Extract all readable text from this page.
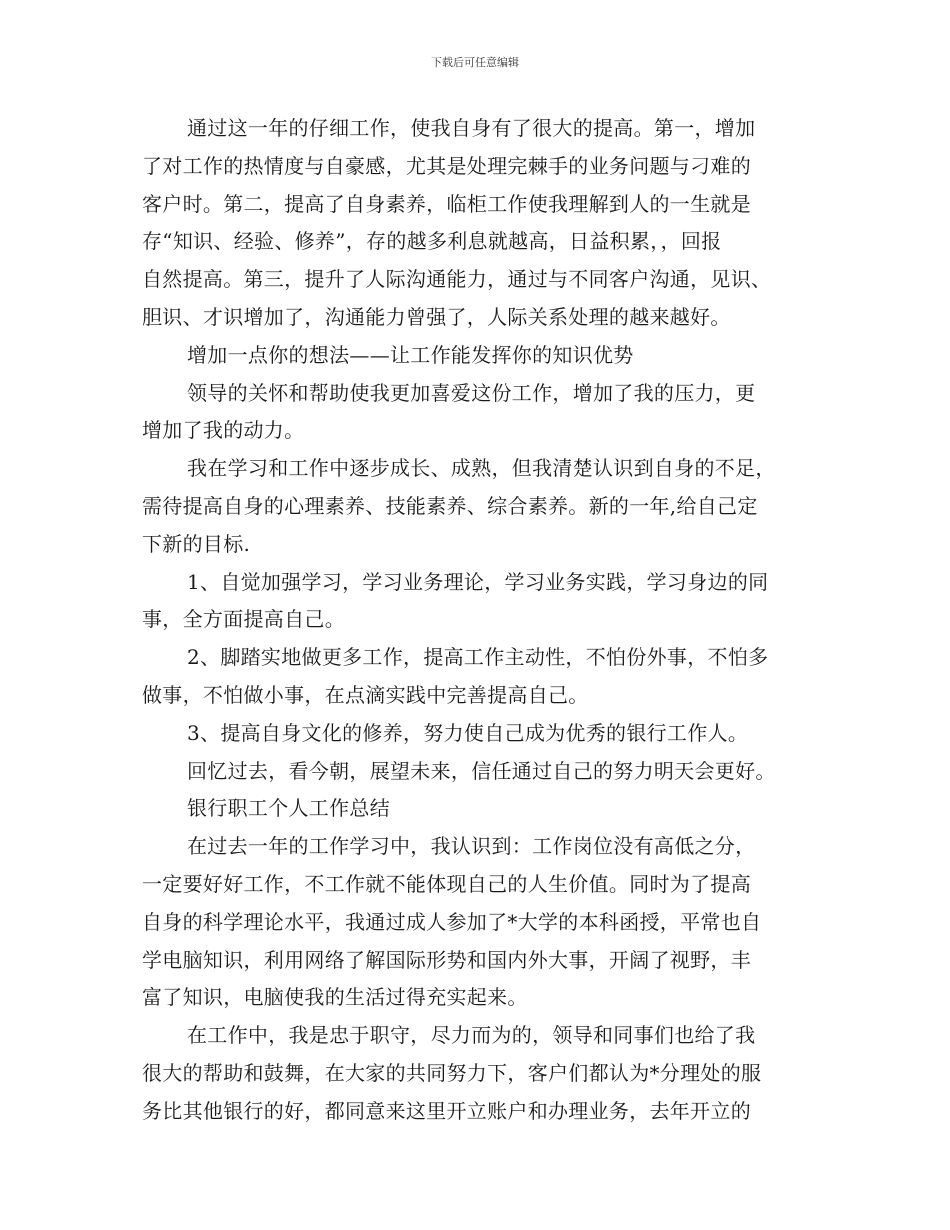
下载后可任意编辑
通过这一年的仔细工作，使我自身有了很大的提高。第一，增加
了对工作的热情度与自豪感，尤其是处理完棘手的业务问题与刁难的
客户时。第二，提高了自身素养，临柜工作使我理解到人的一生就是
存“知识、经验、修养”，存的越多利息就越高，日益积累，，回报
自然提高。第三，提升了人际沟通能力，通过与不同客户沟通，见识、
胆识、才识增加了，沟通能力曾强了，人际关系处理的越来越好。
增加一点你的想法——让工作能发挥你的知识优势
领导的关怀和帮助使我更加喜爱这份工作，增加了我的压力，更
增加了我的动力。
我在学习和工作中逐步成长、成熟，但我清楚认识到自身的不足，
需待提高自身的心理素养、技能素养、综合素养。新的一年,给自己定
下新的目标.
1、自觉加强学习，学习业务理论，学习业务实践，学习身边的同
事，全方面提高自己。
2、脚踏实地做更多工作，提高工作主动性，不怕份外事，不怕多
做事，不怕做小事，在点滴实践中完善提高自己。
3、提高自身文化的修养，努力使自己成为优秀的银行工作人。
回忆过去，看今朝，展望未来，信任通过自己的努力明天会更好。
银行职工个人工作总结
在过去一年的工作学习中，我认识到：工作岗位没有高低之分，
一定要好好工作，不工作就不能体现自己的人生价值。同时为了提高
自身的科学理论水平，我通过成人参加了*大学的本科函授，平常也自
学电脑知识，利用网络了解国际形势和国内外大事，开阔了视野，丰
富了知识，电脑使我的生活过得充实起来。
在工作中，我是忠于职守，尽力而为的，领导和同事们也给了我
很大的帮助和鼓舞，在大家的共同努力下，客户们都认为*分理处的服
务比其他银行的好，都同意来这里开立账户和办理业务，去年开立的
